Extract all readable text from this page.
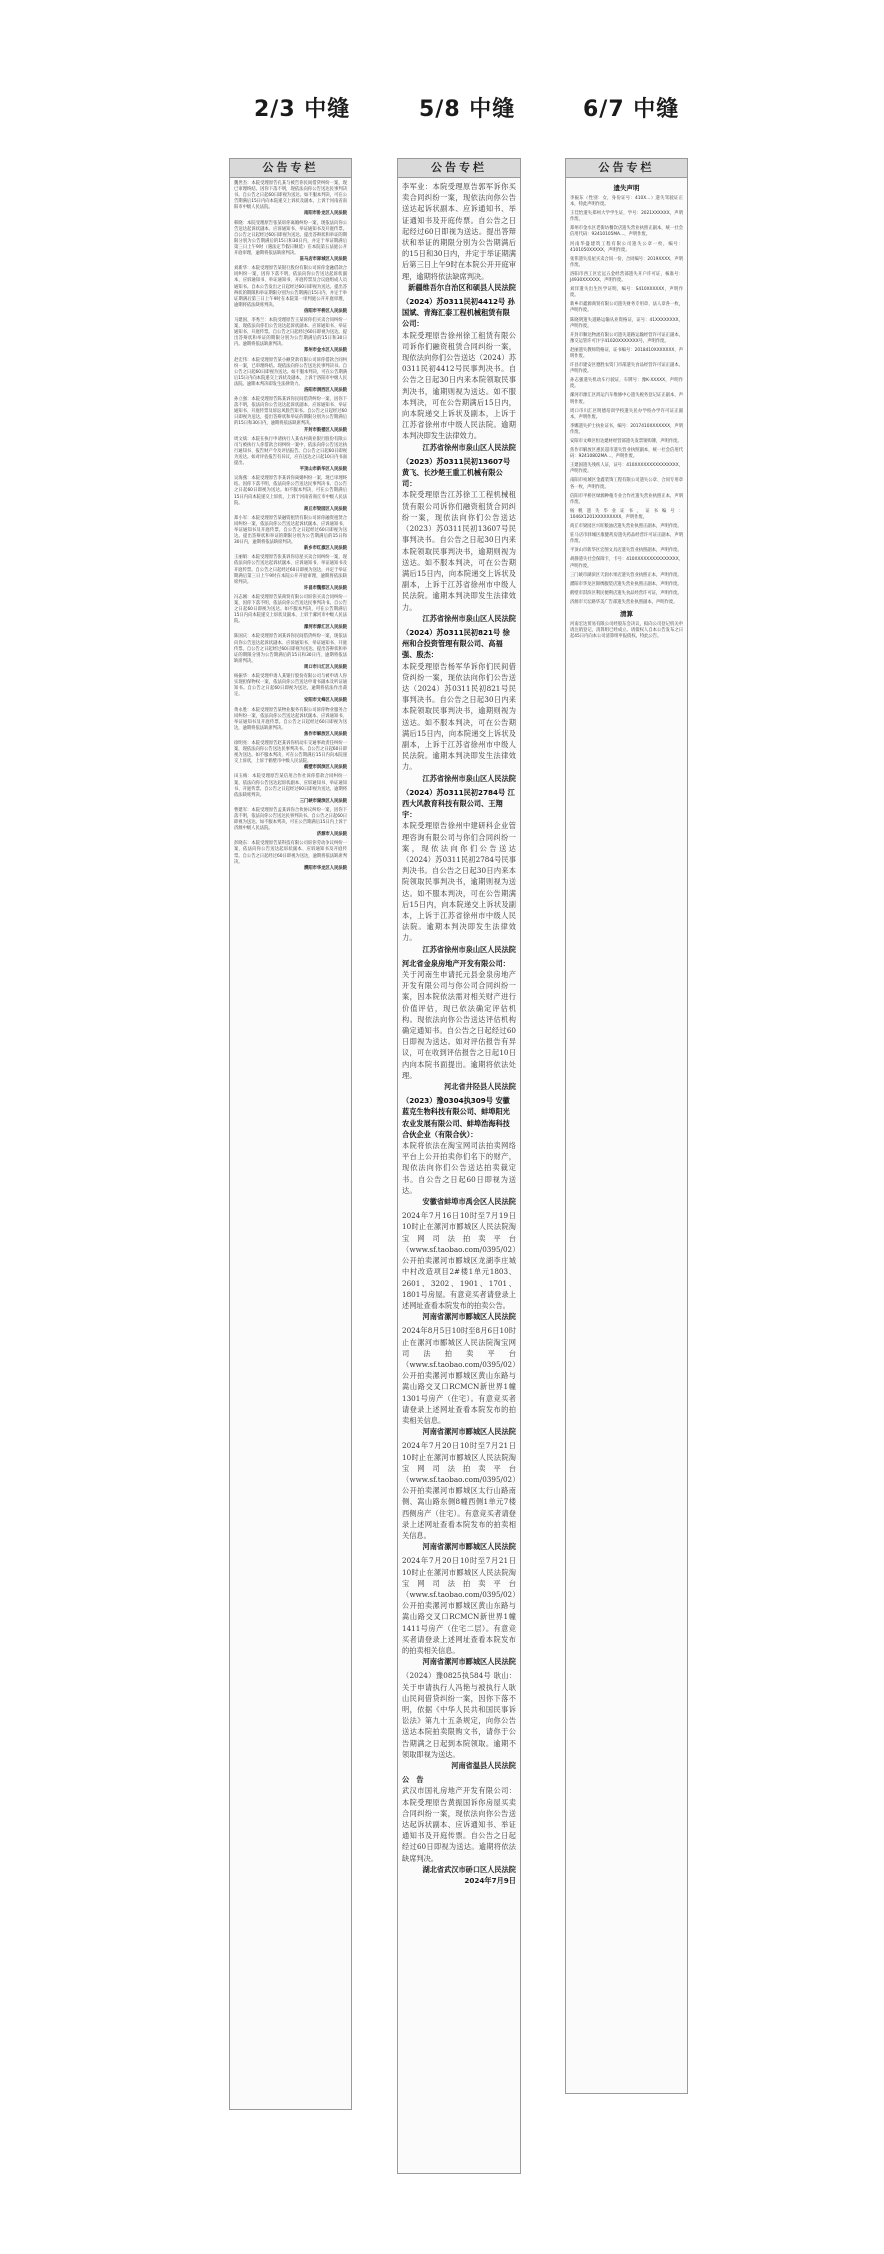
2/3 中缝	5/8 中缝	6/7 中缝
公告专栏
魏世杰：本院受理原告孔某与被告你民间借贷纠纷一案，现已审理终结。因你下落不明，现依法向你公告送达民事判决书。自公告之日起60日即视为送达。如不服本判决，可在公告期满后15日内向本院递交上诉状及副本，上诉于河南省南阳市中级人民法院。
南阳市卧龙区人民法院
韩晓：本院受理原告张某诉你离婚纠纷一案，现依法向你公告送达起诉状副本、应诉通知书、举证通知书及开庭传票。自公告之日起经过60日即视为送达。提出答辩状和举证的期限分别为公告期满后的15日和30日内，并定于举证期满后第三日上午9时（遇法定节假日顺延）在本院第五法庭公开开庭审理，逾期将依法缺席判决。
驻马店市驿城区人民法院
刘新华：本院受理原告某银行股份有限公司诉你金融借款合同纠纷一案，因你下落不明，依法向你公告送达起诉状副本、应诉通知书、举证通知书、开庭传票及合议庭组成人员通知书。自本公告发出之日起经过60日即视为送达。提出答辩状的期限和举证期限分别为公告期满后15日内，并定于举证期满后第三日上午9时在本院第一审判庭公开开庭审理，逾期将依法缺席判决。
信阳市平桥区人民法院
马建国、李秀兰：本院受理原告王某诉你们买卖合同纠纷一案，现依法向你们公告送达起诉状副本、应诉通知书、举证通知书、开庭传票。自公告之日起经过60日即视为送达。提出答辩状和举证的期限分别为公告期满后的15日和30日内。逾期将依法缺席判决。
郑州市金水区人民法院
赵宏伟：本院受理原告某小额贷款有限公司诉你借款合同纠纷一案，已审理终结。现依法向你公告送达民事判决书。自公告之日起60日即视为送达。如不服本判决，可在公告期满后15日内向本院递交上诉状及副本，上诉于洛阳市中级人民法院。逾期本判决即发生法律效力。
洛阳市涧西区人民法院
孙立强：本院受理原告陈某诉你民间借贷纠纷一案，因你下落不明，依法向你公告送达起诉状副本、应诉通知书、举证通知书、开庭传票及诉讼风险告知书。自公告之日起经过60日即视为送达，提出答辩状和举证的期限分别为公告期满后的15日和30日内，逾期将依法缺席判决。
开封市鼓楼区人民法院
周文斌：本院在执行申请执行人某农村商业银行股份有限公司与被执行人你借款合同纠纷一案中，依法向你公告送达执行通知书、报告财产令及评估报告。自公告之日起60日即视为送达。如对评估报告有异议，应在送达之日起10日内书面提出。
平顶山市新华区人民法院
吴海燕：本院受理原告李某诉你离婚纠纷一案，现已审理终结。因你下落不明，依法向你公告送达民事判决书。自公告之日起60日即视为送达。如不服本判决，可在公告期满后15日内向本院递交上诉状，上诉于河南省商丘市中级人民法院。
商丘市梁园区人民法院
郑小军：本院受理原告某融资租赁有限公司诉你融资租赁合同纠纷一案，依法向你公告送达起诉状副本、应诉通知书、举证通知书及开庭传票。自公告之日起经过60日即视为送达。提出答辩状和举证的期限分别为公告期满后的15日和30日内，逾期将依法缺席判决。
新乡市红旗区人民法院
王丽娟：本院受理原告张某诉你房屋买卖合同纠纷一案，现依法向你公告送达起诉状副本、应诉通知书、举证通知书及开庭传票。自公告之日起经过60日即视为送达，并定于举证期满后第三日上午9时在本院公开开庭审理，逾期将依法缺席判决。
许昌市魏都区人民法院
冯志刚：本院受理原告某商贸有限公司诉你买卖合同纠纷一案，因你下落不明，依法向你公告送达民事判决书。自公告之日起60日即视为送达。如不服本判决，可在公告期满后15日内向本院递交上诉状及副本，上诉于漯河市中级人民法院。
漯河市源汇区人民法院
陈国庆：本院受理原告刘某诉你民间借贷纠纷一案，现依法向你公告送达起诉状副本、应诉通知书、举证通知书、开庭传票。自公告之日起经过60日即视为送达。提出答辩状和举证的期限分别为公告期满后的15日和30日内，逾期将依法缺席判决。
周口市川汇区人民法院
杨振华：本院受理申请人某银行股份有限公司与被申请人你实现担保物权一案，依法向你公告送达申请书副本及听证通知书。自公告之日起60日即视为送达，逾期将依法作出裁定。
安阳市文峰区人民法院
黄永胜：本院受理原告某物业服务有限公司诉你物业服务合同纠纷一案，依法向你公告送达起诉状副本、应诉通知书、举证通知书及开庭传票。自公告之日起经过60日即视为送达，逾期将依法缺席判决。
焦作市解放区人民法院
徐明亮：本院受理原告赵某诉你机动车交通事故责任纠纷一案，现依法向你公告送达民事判决书。自公告之日起60日即视为送达。如不服本判决，可在公告期满后15日内向本院递交上诉状，上诉于鹤壁市中级人民法院。
鹤壁市淇滨区人民法院
田玉梅：本院受理原告某信用合作社诉你借款合同纠纷一案，依法向你公告送达起诉状副本、应诉通知书、举证通知书、开庭传票。自公告之日起经过60日即视为送达，逾期将依法缺席判决。
三门峡市湖滨区人民法院
曹建军：本院受理原告孟某诉你合伙协议纠纷一案，因你下落不明，依法向你公告送达民事判决书。自公告之日起60日即视为送达。如不服本判决，可在公告期满后15日内上诉于济源中级人民法院。
济源市人民法院
彭晓东：本院受理原告某科技有限公司诉你劳动争议纠纷一案，依法向你公告送达起诉状副本、应诉通知书及开庭传票。自公告之日起经过60日即视为送达，逾期将依法缺席判决。
濮阳市华龙区人民法院
公告专栏
李军业：本院受理原告郭军诉你买卖合同纠纷一案，现依法向你公告送达起诉状副本、应诉通知书、举证通知书及开庭传票。自公告之日起经过60日即视为送达。提出答辩状和举证的期限分别为公告期满后的15日和30日内，并定于举证期满后第三日上午9时在本院公开开庭审理，逾期将依法缺席判决。
新疆维吾尔自治区和硕县人民法院
（2024）苏0311民初4412号 孙国斌、青海汇泰工程机械租赁有限公司：
本院受理原告徐州徐工租赁有限公司诉你们融资租赁合同纠纷一案，现依法向你们公告送达（2024）苏0311民初4412号民事判决书。自公告之日起30日内来本院领取民事判决书，逾期则视为送达。如不服本判决，可在公告期满后15日内，向本院递交上诉状及副本，上诉于江苏省徐州市中级人民法院。逾期本判决即发生法律效力。
江苏省徐州市泉山区人民法院
（2023）苏0311民初13607号 黄飞、长沙楚王重工机械有限公司：
本院受理原告江苏徐工工程机械租赁有限公司诉你们融资租赁合同纠纷一案，现依法向你们公告送达（2023）苏0311民初13607号民事判决书。自公告之日起30日内来本院领取民事判决书，逾期则视为送达。如不服本判决，可在公告期满后15日内，向本院递交上诉状及副本，上诉于江苏省徐州市中级人民法院。逾期本判决即发生法律效力。
江苏省徐州市泉山区人民法院
（2024）苏0311民初821号 徐州和合投资管理有限公司、高福强、殷杰：
本院受理原告杨军华诉你们民间借贷纠纷一案，现依法向你们公告送达（2024）苏0311民初821号民事判决书。自公告之日起30日内来本院领取民事判决书，逾期则视为送达。如不服本判决，可在公告期满后15日内，向本院递交上诉状及副本，上诉于江苏省徐州市中级人民法院。逾期本判决即发生法律效力。
江苏省徐州市泉山区人民法院
（2024）苏0311民初2784号 江西大风教育科技有限公司、王翔宇：
本院受理原告徐州中建研科企业管理咨询有限公司与你们合同纠纷一案，现依法向你们公告送达（2024）苏0311民初2784号民事判决书。自公告之日起30日内来本院领取民事判决书，逾期则视为送达。如不服本判决，可在公告期满后15日内，向本院递交上诉状及副本，上诉于江苏省徐州市中级人民法院。逾期本判决即发生法律效力。
江苏省徐州市泉山区人民法院
河北省金泉房地产开发有限公司：
关于河南生申请托元县金泉房地产开发有限公司与你公司合同纠纷一案，因本院依法需对相关财产进行价值评估，现已依法确定评估机构。现依法向你公告送达评估机构确定通知书。自公告之日起经过60日即视为送达。如对评估报告有异议，可在收到评估报告之日起10日内向本院书面提出。逾期将依法处理。
河北省井陉县人民法院
（2023）豫0304执309号 安徽蓝克生物科技有限公司、蚌埠阳光农业发展有限公司、蚌埠浩海科技合伙企业（有限合伙）：
本院将依法在淘宝网司法拍卖网络平台上公开拍卖你们名下的财产，现依法向你们公告送达拍卖裁定书。自公告之日起60日即视为送达。
安徽省蚌埠市禹会区人民法院
2024年7月16日10时至7月19日10时止在漯河市郾城区人民法院淘宝网司法拍卖平台（www.sf.taobao.com/0395/02）公开拍卖漯河市郾城区龙湖李庄城中村改造项目2#楼1单元1803、2601、3202、1901、1701、1801号房屋。有意竞买者请登录上述网址查看本院发布的拍卖公告。
河南省漯河市郾城区人民法院
2024年8月5日10时至8月6日10时止在漯河市郾城区人民法院淘宝网司法拍卖平台（www.sf.taobao.com/0395/02）公开拍卖漯河市郾城区黄山东路与嵩山路交叉口RCMCN新世界1幢1301号房产（住宅）。有意竞买者请登录上述网址查看本院发布的拍卖相关信息。
河南省漯河市郾城区人民法院
2024年7月20日10时至7月21日10时止在漯河市郾城区人民法院淘宝网司法拍卖平台（www.sf.taobao.com/0395/02）公开拍卖漯河市郾城区太行山路南侧、嵩山路东侧8幢西侧1单元7楼西侧房产（住宅）。有意竞买者请登录上述网址查看本院发布的拍卖相关信息。
河南省漯河市郾城区人民法院
2024年7月20日10时至7月21日10时止在漯河市郾城区人民法院淘宝网司法拍卖平台（www.sf.taobao.com/0395/02）公开拍卖漯河市郾城区黄山东路与嵩山路交叉口RCMCN新世界1幢1411号房产（住宅二层）。有意竞买者请登录上述网址查看本院发布的拍卖相关信息。
河南省漯河市郾城区人民法院
（2024）豫0825执584号 耿山：关于申请执行人冯艳与被执行人耿山民间借贷纠纷一案，因你下落不明，依据《中华人民共和国民事诉讼法》第九十五条规定，向你公告送达本院拍卖限购文书，请你于公告期满之日起到本院领取。逾期不领取即视为送达。
河南省温县人民法院
公　告
武汉市国礼房地产开发有限公司：本院受理原告黄振国诉你房屋买卖合同纠纷一案，现依法向你公告送达起诉状副本、应诉通知书、举证通知书及开庭传票。自公告之日起经过60日即视为送达。逾期将依法缺席判决。
湖北省武汉市硚口区人民法院 2024年7月9日
公告专栏
遗失声明
李振东（性别：女，身份证号：410X…）遗失驾驶证正本，特此声明作废。
王佳怡遗失郑州大学学生证，学号：2021XXXXXX，声明作废。
郑州市金水区老街坊餐饮店遗失营业执照正副本，统一社会信用代码：92410105MA…，声明作废。
河南华盛建筑工程有限公司遗失公章一枚，编号：4101050XXXXX，声明作废。
张伟遗失房屋买卖合同一份，合同编号：2019XXXX，声明作废。
洛阳市西工区宏远五金经营部遗失开户许可证，核准号：J4930XXXXXX，声明作废。
刘洋遗失出生医学证明，编号：S410XXXXXX，声明作废。
新乡市鑫源商贸有限公司遗失财务专用章、法人章各一枚，声明作废。
陈晓明遗失道路运输从业资格证，证号：41XXXXXXXX，声明作废。
开封市顺达物流有限公司遗失道路运输经营许可证正副本，豫交运管许可汴字41020XXXXXXX号，声明作废。
赵丽遗失教师资格证，证书编号：2018410XXXXXXX，声明作废。
许昌市建安区德胜农资门市部遗失食品经营许可证正副本，声明作废。
孙志强遗失机动车行驶证，车牌号：豫K·XXXXX，声明作废。
漯河市源汇区鸿运汽车维修中心遗失税务登记证正副本，声明作废。
周口市川汇区明德培训学校遗失民办学校办学许可证正副本，声明作废。
李娜遗失护士执业证书，编号：2017410XXXXXXX，声明作废。
安阳市文峰区恒达建材经营部遗失发票领购簿，声明作废。
焦作市解放区惠民超市遗失营业执照副本，统一社会信用代码：92410802MA…，声明作废。
王建国遗失残疾人证，证号：410XXXXXXXXXXXXXXX，声明作废。
南阳市宛城区金鑫装饰工程有限公司遗失公章、合同专用章各一枚，声明作废。
信阳市平桥区绿源种植专业合作社遗失营业执照正本，声明作废。
杨帆遗失毕业证书，证书编号：1046X1201XXXXXXXXX，声明作废。
商丘市梁园区兴旺粮油店遗失营业执照正副本，声明作废。
驻马店市驿城区康健药房遗失药品经营许可证正副本，声明作废。
平顶山市新华区宏图文具店遗失营业执照副本，声明作废。
胡静遗失社会保障卡，卡号：410XXXXXXXXXXXXXXX，声明作废。
三门峡市湖滨区天润水果店遗失营业执照正本，声明作废。
濮阳市华龙区锦绣服装店遗失营业执照正副本，声明作废。
鹤壁市淇滨区利民便利店遗失食品经营许可证，声明作废。
济源市天坛路华美广告部遗失营业执照副本，声明作废。
清算
河南宏达贸易有限公司经股东会决议，拟向公司登记机关申请注销登记，清算组已经成立。请债权人自本公告发布之日起45日内向本公司清算组申报债权。特此公告。
